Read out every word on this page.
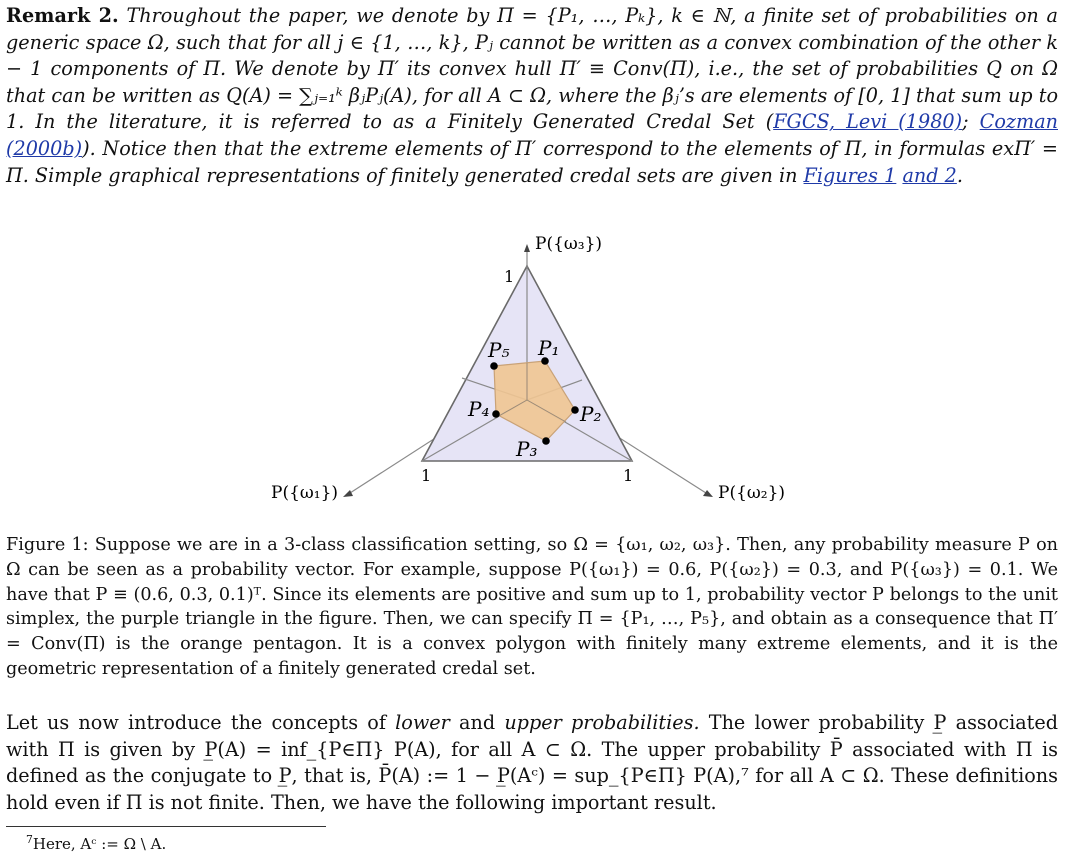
Remark 2. Throughout the paper, we denote by Π = {P₁, …, Pₖ}, k ∈ ℕ, a finite set of probabilities on a generic space Ω, such that for all j ∈ {1, …, k}, Pⱼ cannot be written as a convex combination of the other k − 1 components of Π. We denote by Π′ its convex hull Π′ ≡ Conv(Π), i.e., the set of probabilities Q on Ω that can be written as Q(A) = ∑ⱼ₌₁ᵏ βⱼPⱼ(A), for all A ⊂ Ω, where the βⱼ’s are elements of [0, 1] that sum up to 1. In the literature, it is referred to as a Finitely Generated Credal Set (FGCS, Levi (1980); Cozman (2000b)). Notice then that the extreme elements of Π′ correspond to the elements of Π, in formulas exΠ′ = Π. Simple graphical representations of finitely generated credal sets are given in Figures 1 and 2.
P₁
P₂
P₃
P₄
P₅
1
1	1
P({ω₃})
P({ω₁})	P({ω₂})
Figure 1: Suppose we are in a 3-class classification setting, so Ω = {ω₁, ω₂, ω₃}. Then, any probability measure P on Ω can be seen as a probability vector. For example, suppose P({ω₁}) = 0.6, P({ω₂}) = 0.3, and P({ω₃}) = 0.1. We have that P ≡ (0.6, 0.3, 0.1)ᵀ. Since its elements are positive and sum up to 1, probability vector P belongs to the unit simplex, the purple triangle in the figure. Then, we can specify Π = {P₁, …, P₅}, and obtain as a consequence that Π′ = Conv(Π) is the orange pentagon. It is a convex polygon with finitely many extreme elements, and it is the geometric representation of a finitely generated credal set.
Let us now introduce the concepts of lower and upper probabilities. The lower probability P̲ associated with Π is given by P̲(A) = inf_{P∈Π} P(A), for all A ⊂ Ω. The upper probability P̄ associated with Π is defined as the conjugate to P̲, that is, P̄(A) := 1 − P̲(Aᶜ) = sup_{P∈Π} P(A),⁷ for all A ⊂ Ω. These definitions hold even if Π is not finite. Then, we have the following important result.
$^7$Here, Aᶜ := Ω \ A.
